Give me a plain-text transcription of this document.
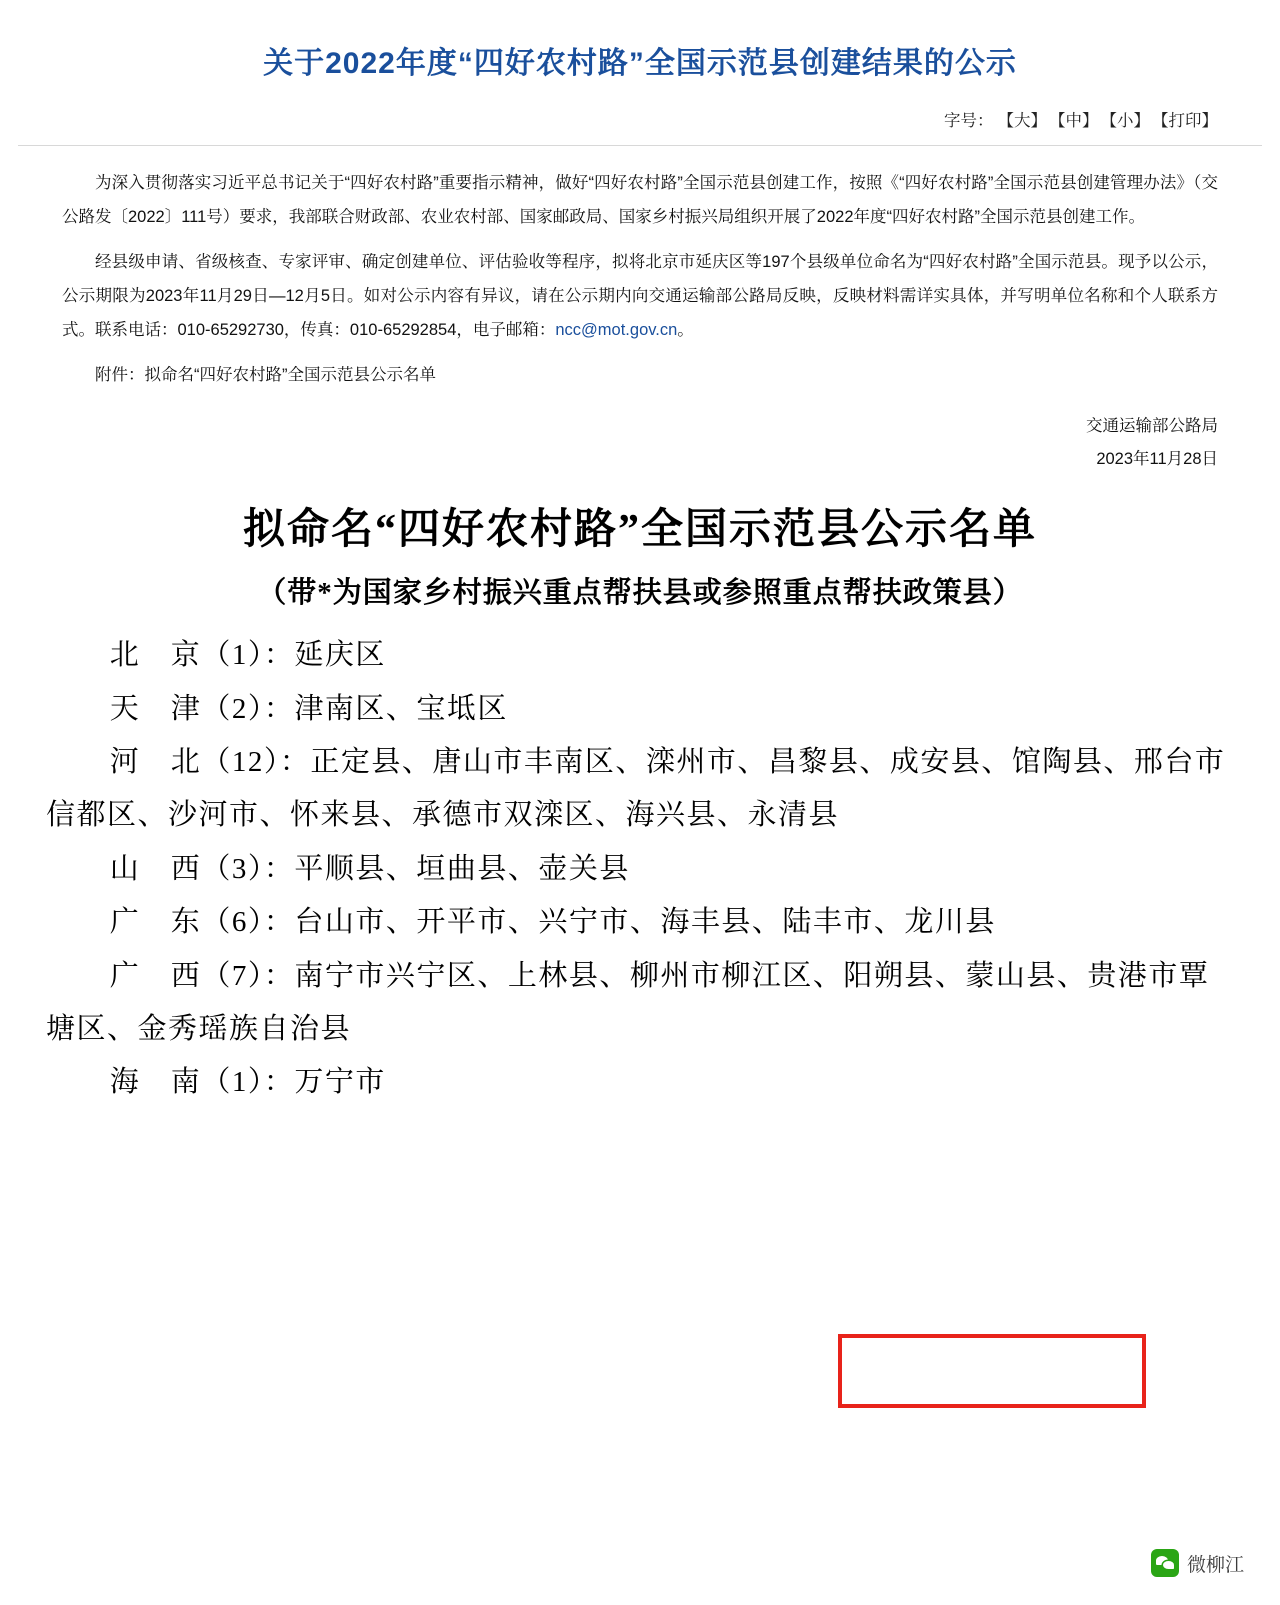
关于2022年度“四好农村路”全国示范县创建结果的公示
字号： 【大】 【中】 【小】 【打印】

为深入贯彻落实习近平总书记关于“四好农村路”重要指示精神，做好“四好农村路”全国示范县创建工作，按照《“四好农村路”全国示范县创建管理办法》（交公路发〔2022〕111号）要求，我部联合财政部、农业农村部、国家邮政局、国家乡村振兴局组织开展了2022年度“四好农村路”全国示范县创建工作。

经县级申请、省级核查、专家评审、确定创建单位、评估验收等程序，拟将北京市延庆区等197个县级单位命名为“四好农村路”全国示范县。现予以公示，公示期限为2023年11月29日—12月5日。如对公示内容有异议，请在公示期内向交通运输部公路局反映，反映材料需详实具体，并写明单位名称和个人联系方式。联系电话：010-65292730，传真：010-65292854，电子邮箱：ncc@mot.gov.cn。

附件：拟命名“四好农村路”全国示范县公示名单

交通运输部公路局
2023年11月28日
拟命名“四好农村路”全国示范县公示名单
（带*为国家乡村振兴重点帮扶县或参照重点帮扶政策县）
北　京（1）：延庆区
天　津（2）：津南区、宝坻区
河　北（12）：正定县、唐山市丰南区、滦州市、昌黎县、成安县、馆陶县、邢台市信都区、沙河市、怀来县、承德市双滦区、海兴县、永清县
山　西（3）：平顺县、垣曲县、壶关县
广　东（6）：台山市、开平市、兴宁市、海丰县、陆丰市、龙川县
广　西（7）：南宁市兴宁区、上林县、柳州市柳江区、阳朔县、蒙山县、贵港市覃塘区、金秀瑶族自治县
海　南（1）：万宁市
微柳江
